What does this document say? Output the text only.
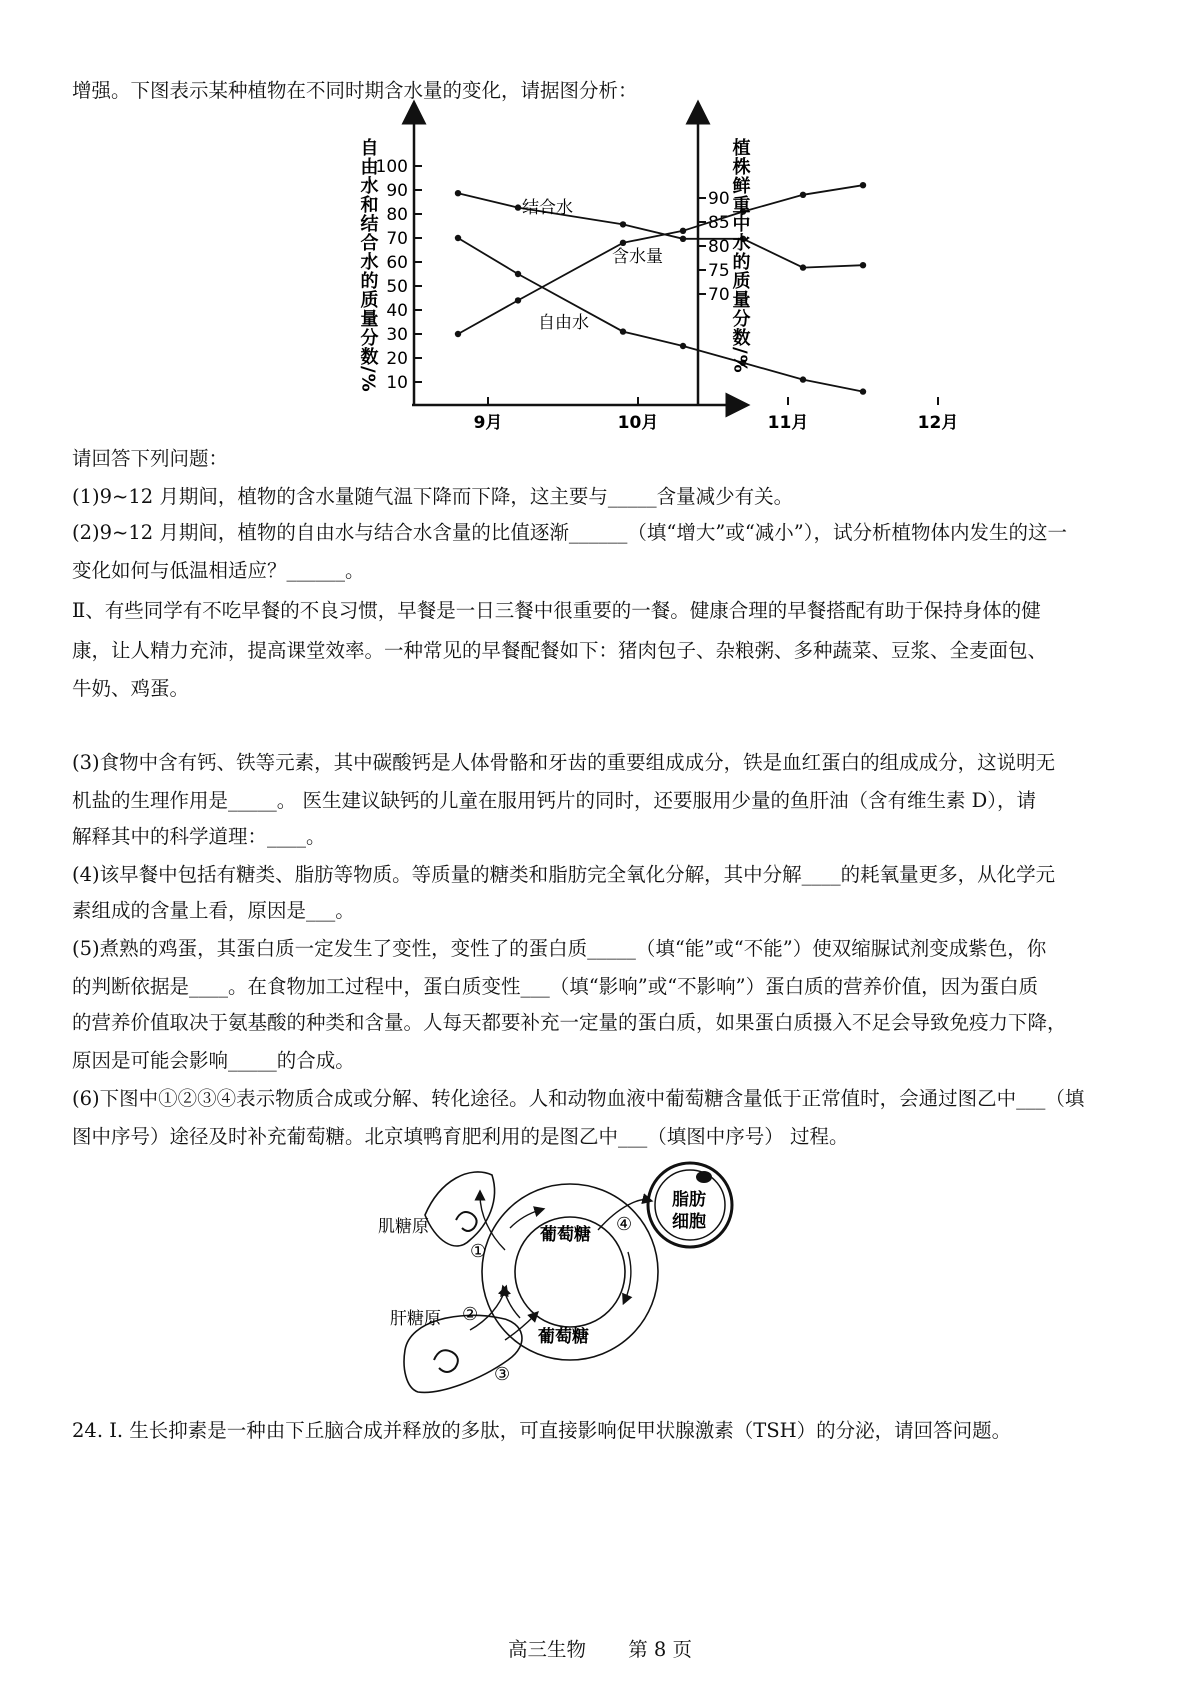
增强。下图表示某种植物在不同时期含水量的变化，请据图分析：
10
20
30
40
50
60
70
80
90
100
70
75
80
85
90
9月	10月	11月	12月
结合水
自由水
含水量
自由水和结合水的质量分数/%	植株鲜重中水的质量分数/%
请回答下列问题：
(1)9~12 月期间，植物的含水量随气温下降而下降，这主要与_____含量减少有关。
(2)9~12 月期间，植物的自由水与结合水含量的比值逐渐______（填“增大”或“减小”），试分析植物体内发生的这一
变化如何与低温相适应？______。
Ⅱ、有些同学有不吃早餐的不良习惯，早餐是一日三餐中很重要的一餐。健康合理的早餐搭配有助于保持身体的健
康，让人精力充沛，提高课堂效率。一种常见的早餐配餐如下：猪肉包子、杂粮粥、多种蔬菜、豆浆、全麦面包、
牛奶、鸡蛋。
(3)食物中含有钙、铁等元素，其中碳酸钙是人体骨骼和牙齿的重要组成成分，铁是血红蛋白的组成成分，这说明无
机盐的生理作用是_____。 医生建议缺钙的儿童在服用钙片的同时，还要服用少量的鱼肝油（含有维生素 D），请
解释其中的科学道理：____。
(4)该早餐中包括有糖类、脂肪等物质。等质量的糖类和脂肪完全氧化分解，其中分解____的耗氧量更多，从化学元
素组成的含量上看，原因是___。
(5)煮熟的鸡蛋，其蛋白质一定发生了变性，变性了的蛋白质_____（填“能”或“不能”）使双缩脲试剂变成紫色，你
的判断依据是____。在食物加工过程中，蛋白质变性___（填“影响”或“不影响”）蛋白质的营养价值，因为蛋白质
的营养价值取决于氨基酸的种类和含量。人每天都要补充一定量的蛋白质，如果蛋白质摄入不足会导致免疫力下降，
原因是可能会影响_____的合成。
(6)下图中①②③④表示物质合成或分解、转化途径。人和动物血液中葡萄糖含量低于正常值时，会通过图乙中___（填
图中序号）途径及时补充葡萄糖。北京填鸭育肥利用的是图乙中___（填图中序号） 过程。
肌糖原
肝糖原
葡萄糖
葡萄糖
脂肪
细胞
①
②
③
④
24. Ⅰ. 生长抑素是一种由下丘脑合成并释放的多肽，可直接影响促甲状腺激素（TSH）的分泌，请回答问题。
高三生物 第 8 页
